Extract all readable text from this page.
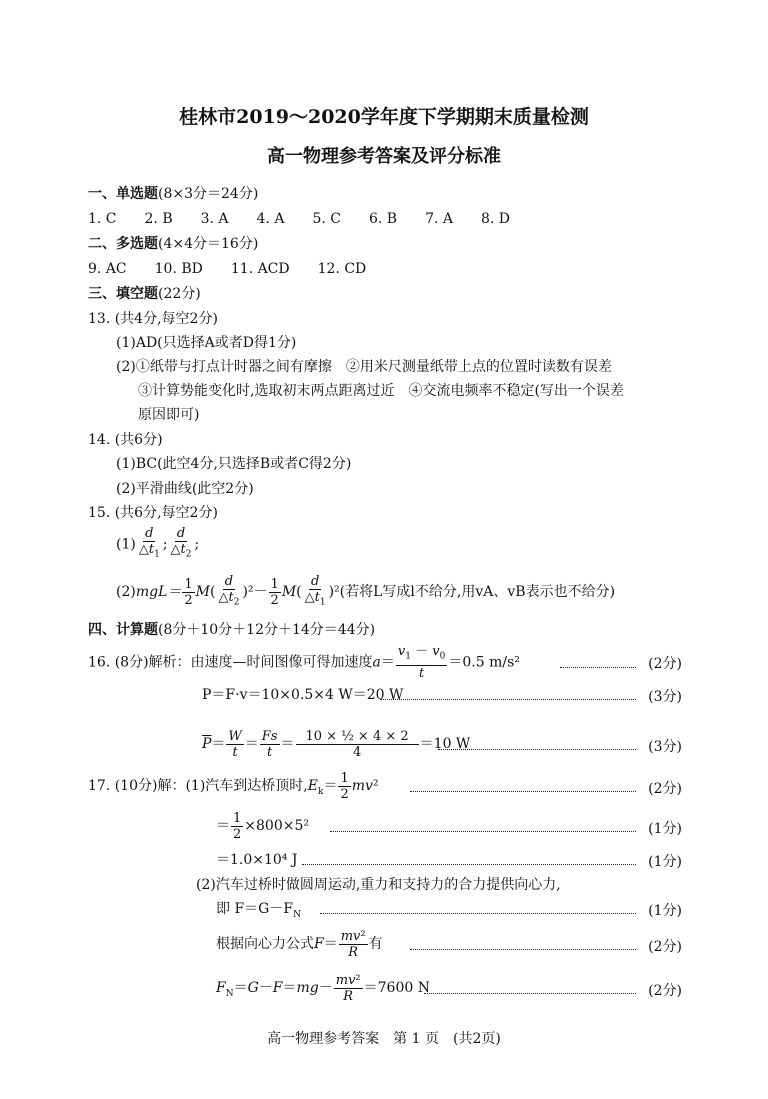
桂林市2019～2020学年度下学期期末质量检测
高一物理参考答案及评分标准
一、单选题(8×3分＝24分)
1. C　　2. B　　3. A　　4. A　　5. C　　6. B　　7. A　　8. D
二、多选题(4×4分＝16分)
9. AC　　10. BD　　11. ACD　　12. CD
三、填空题(22分)
13. (共4分,每空2分)
(1)AD(只选择A或者D得1分)
(2)①纸带与打点计时器之间有摩擦　②用米尺测量纸带上点的位置时读数有误差
③计算势能变化时,选取初末两点距离过近　④交流电频率不稳定(写出一个误差
原因即可)
14. (共6分)
(1)BC(此空4分,只选择B或者C得2分)
(2)平滑曲线(此空2分)
15. (共6分,每空2分)
$(1) \frac{d}{\triangle t_1}$ ; $\frac{d}{\triangle t_2}$ ;
$(2)mgL= \frac{1}{2} M( \frac{d}{\triangle t_2} )^2- \frac{1}{2} M( \frac{d}{\triangle t_1} )^2$(若将L写成l不给分,用vA、vB表示也不给分)
四、计算题(8分＋10分＋12分＋14分＝44分)
16. (8分)解析：由速度—时间图像可得加速度$a= \frac{v_1 - v_0}{t} =0.5$ m/s²	(2分)
P＝F·v＝10×0.5×4 W＝20 W	(3分)
$\overline{P}= \frac{W}{t} = \frac{Fs}{t} = \frac{\text{10 × ½ × 4 × 2}}{4} =10$ W	(3分)
17. (10分)解：(1)汽车到达桥顶时$,E_k= \frac{1}{2} mv^2$	(2分)
＝ $\frac{1}{2} \times 800\times 5^2$	(1分)
＝1.0×10⁴ J	(1分)
(2)汽车过桥时做圆周运动,重力和支持力的合力提供向心力,
即 $F=G-F_N$	(1分)
根据向心力公式$F= \frac{\text{mv²}}{R}$ 有	(2分)
$F_N=G-F=mg- \frac{\text{mv²}}{R} =7600$ N	(2分)
高一物理参考答案　第 1 页　(共2页)
